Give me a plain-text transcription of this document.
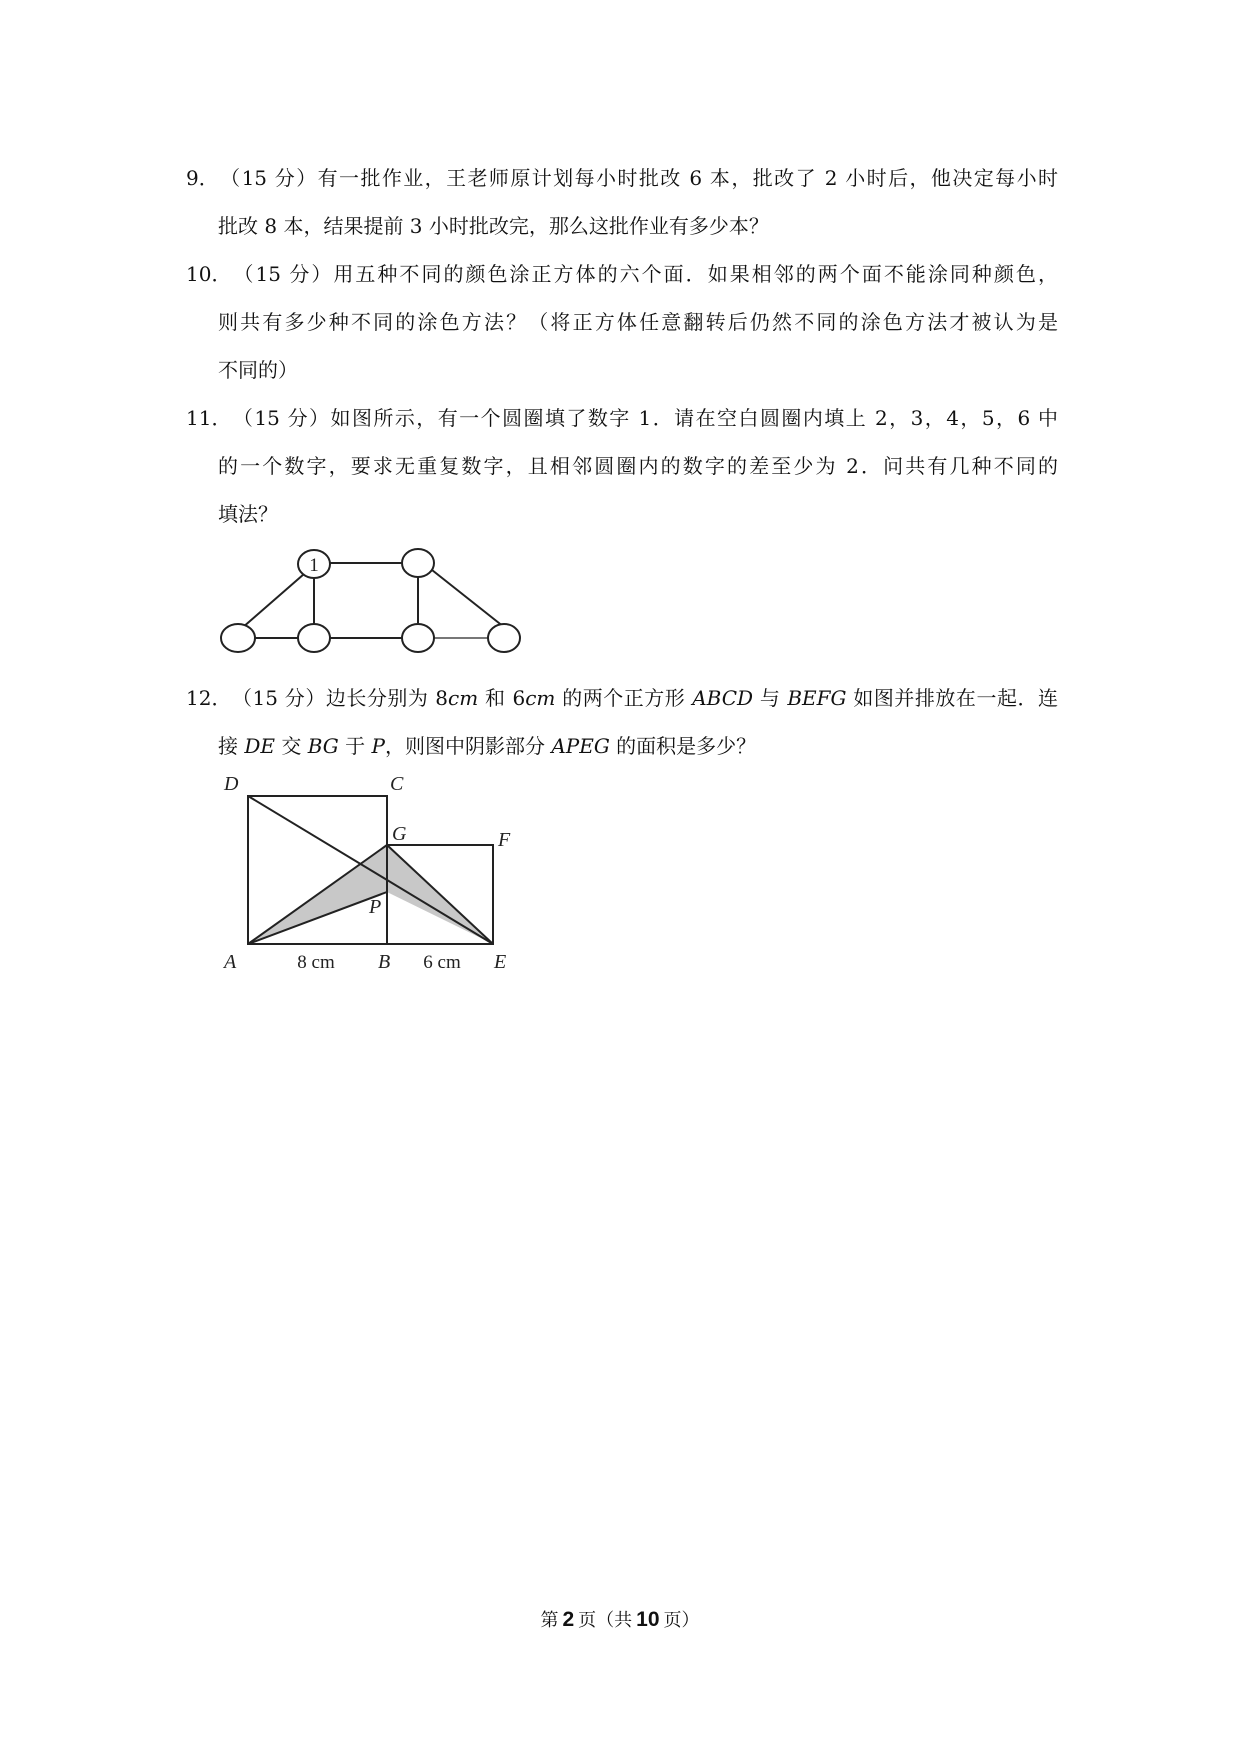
9．（15 分）有一批作业，王老师原计划每小时批改 6 本，批改了 2 小时后，他决定每小时
批改 8 本，结果提前 3 小时批改完，那么这批作业有多少本？
10．（15 分）用五种不同的颜色涂正方体的六个面．如果相邻的两个面不能涂同种颜色，
则共有多少种不同的涂色方法？（将正方体任意翻转后仍然不同的涂色方法才被认为是
不同的）
11．（15 分）如图所示，有一个圆圈填了数字 1．请在空白圆圈内填上 2，3，4，5，6 中
的一个数字，要求无重复数字，且相邻圆圈内的数字的差至少为 2．问共有几种不同的
填法？
1
12．（15 分）边长分别为 8cm 和 6cm 的两个正方形 ABCD 与 BEFG 如图并排放在一起．连
接 DE 交 BG 于 P，则图中阴影部分 APEG 的面积是多少？
D	C
G	F
P
A	B	E
8 cm	6 cm
第 2 页（共 10 页）
